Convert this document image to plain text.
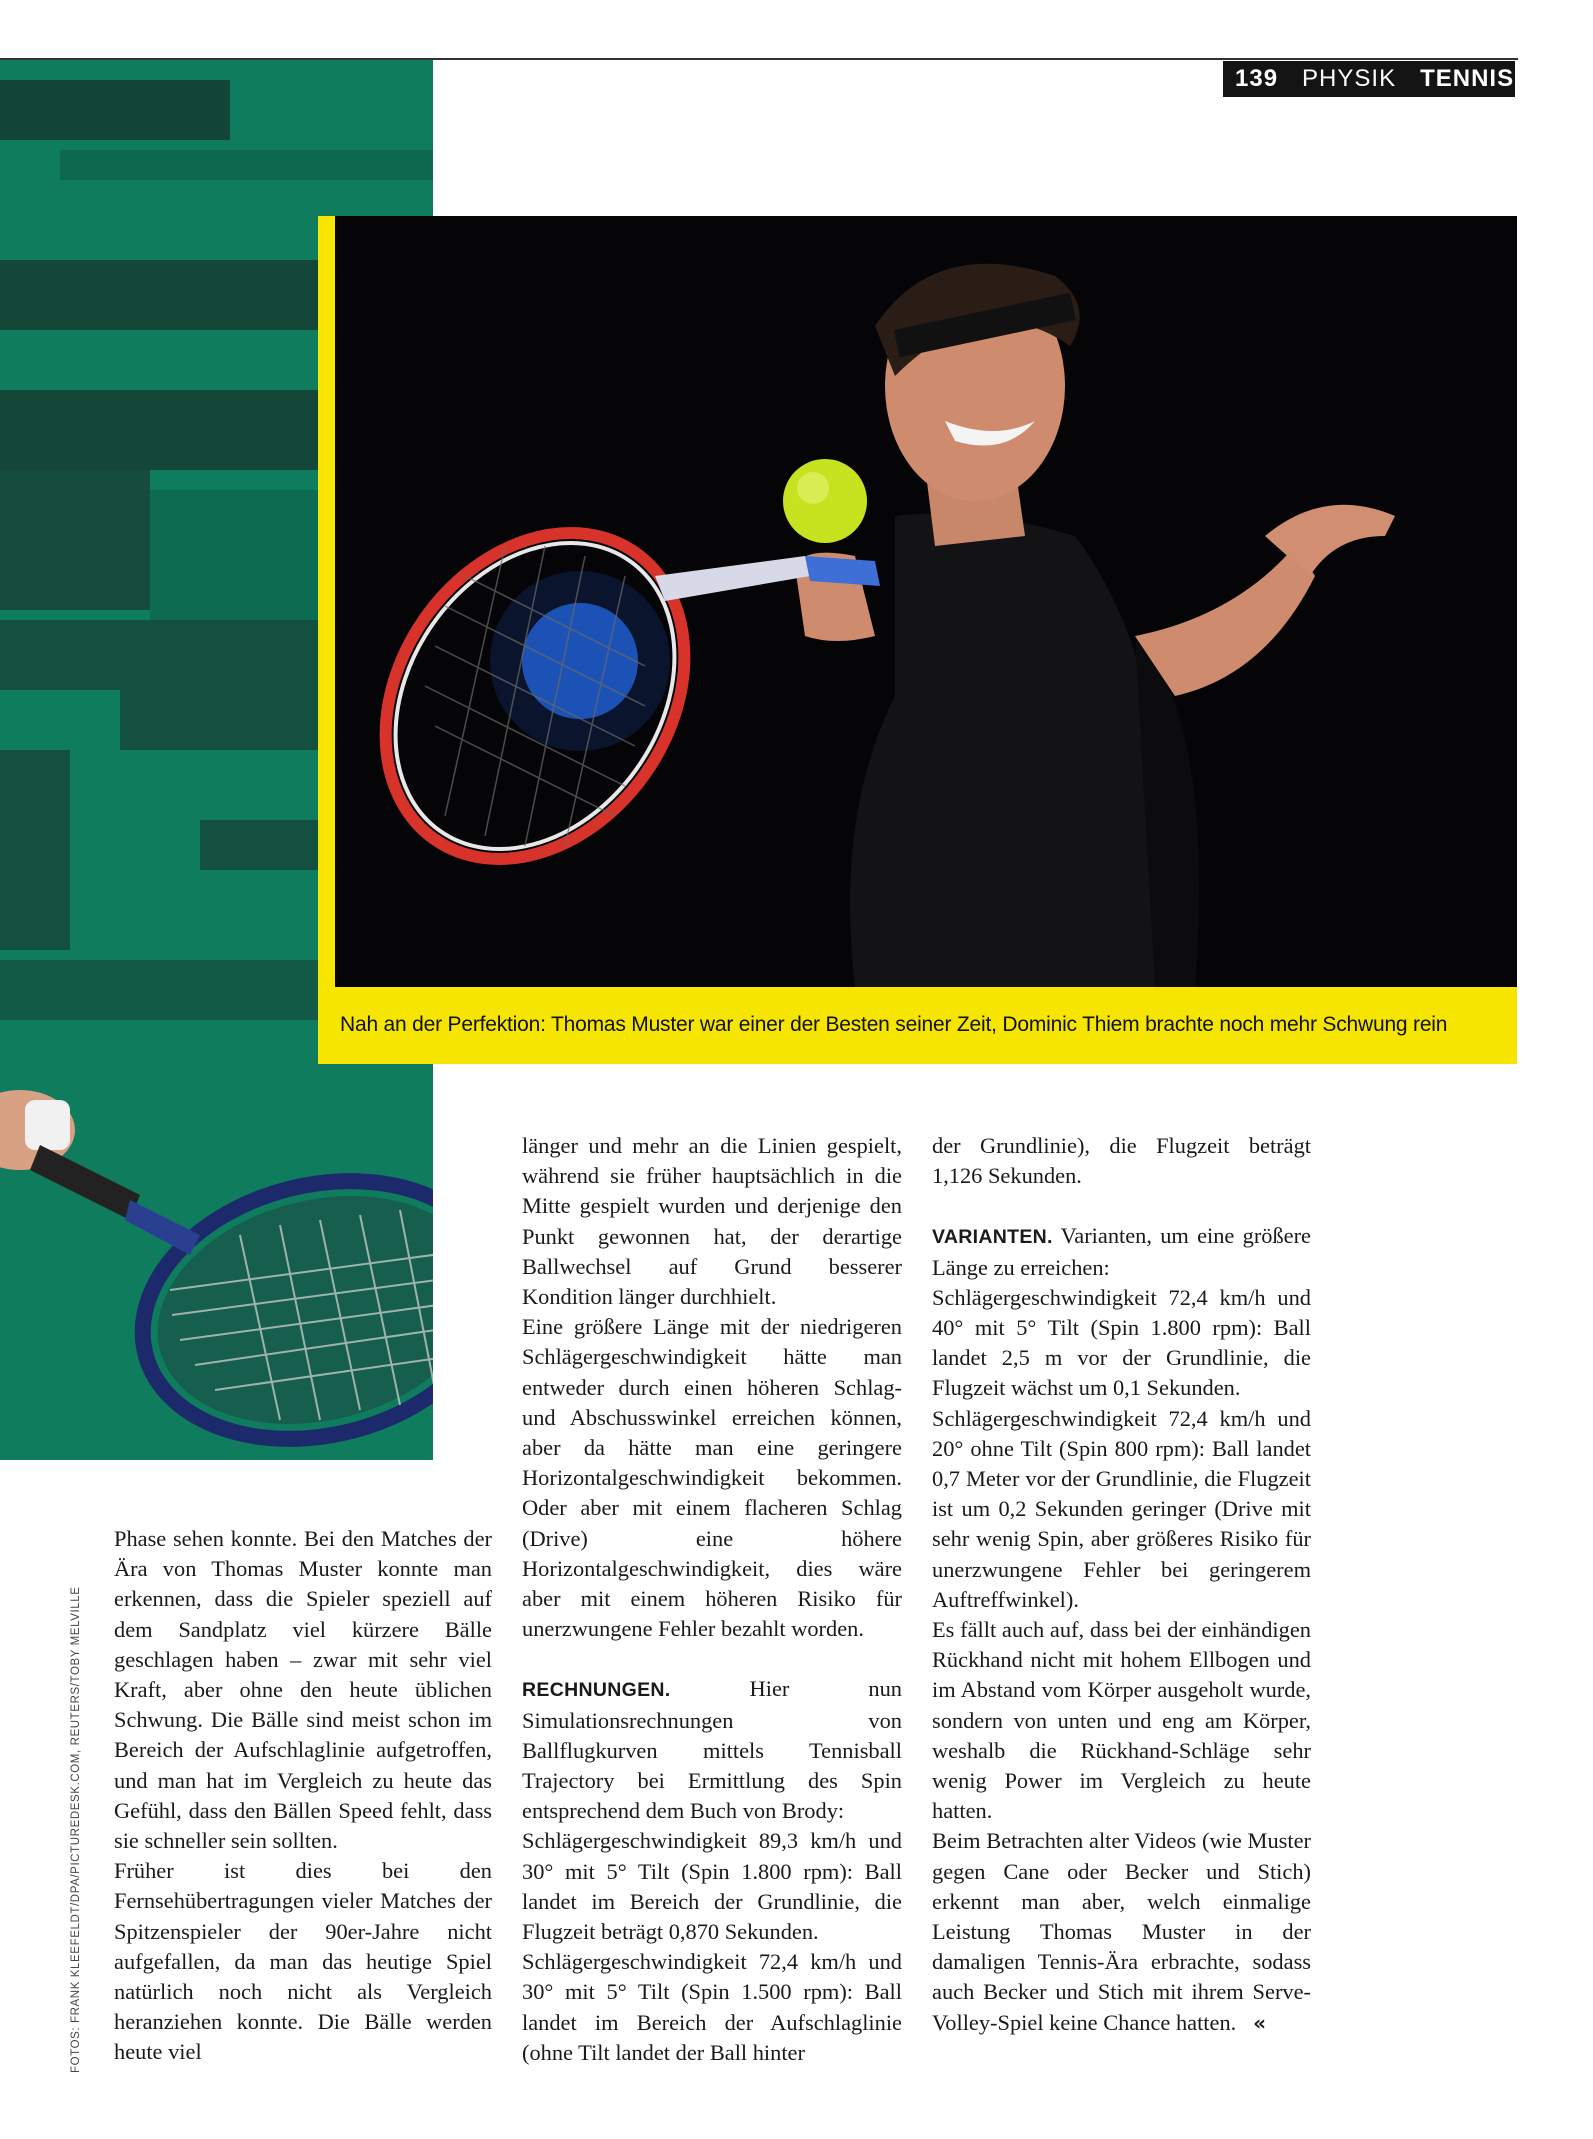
139 PHYSIK TENNIS
Nah an der Perfektion: Thomas Muster war einer der Besten seiner Zeit, Dominic Thiem brachte noch mehr Schwung rein

Phase sehen konnte. Bei den Matches der Ära von Thomas Muster konnte man erkennen, dass die Spieler speziell auf dem Sandplatz viel kürzere Bälle geschlagen haben – zwar mit sehr viel Kraft, aber ohne den heute üblichen Schwung. Die Bälle sind meist schon im Bereich der Aufschlaglinie aufgetroffen, und man hat im Vergleich zu heute das Gefühl, dass den Bällen Speed fehlt, dass sie schneller sein sollten.

Früher ist dies bei den Fernsehübertragungen vieler Matches der Spitzenspieler der 90er-Jahre nicht aufgefallen, da man das heutige Spiel natürlich noch nicht als Vergleich heranziehen konnte. Die Bälle werden heute viel

länger und mehr an die Linien gespielt, während sie früher hauptsächlich in die Mitte gespielt wurden und derjenige den Punkt gewonnen hat, der derartige Ballwechsel auf Grund besserer Kondition länger durchhielt.

Eine größere Länge mit der niedrigeren Schlägergeschwindigkeit hätte man entweder durch einen höheren Schlag- und Abschusswinkel erreichen können, aber da hätte man eine geringere Horizontalgeschwindigkeit bekommen. Oder aber mit einem flacheren Schlag (Drive) eine höhere Horizontalgeschwindigkeit, dies wäre aber mit einem höheren Risiko für unerzwungene Fehler bezahlt worden.

RECHNUNGEN. Hier nun Simulationsrechnungen von Ballflugkurven mittels Tennisball Trajectory bei Ermittlung des Spin entsprechend dem Buch von Brody:

Schlägergeschwindigkeit 89,3 km/h und 30° mit 5° Tilt (Spin 1.800 rpm): Ball landet im Bereich der Grundlinie, die Flugzeit beträgt 0,870 Sekunden.

Schlägergeschwindigkeit 72,4 km/h und 30° mit 5° Tilt (Spin 1.500 rpm): Ball landet im Bereich der Aufschlaglinie (ohne Tilt landet der Ball hinter

der Grundlinie), die Flugzeit beträgt 1,126 Sekunden.

VARIANTEN. Varianten, um eine größere Länge zu erreichen:

Schlägergeschwindigkeit 72,4 km/h und 40° mit 5° Tilt (Spin 1.800 rpm): Ball landet 2,5 m vor der Grundlinie, die Flugzeit wächst um 0,1 Sekunden.

Schlägergeschwindigkeit 72,4 km/h und 20° ohne Tilt (Spin 800 rpm): Ball landet 0,7 Meter vor der Grundlinie, die Flugzeit ist um 0,2 Sekunden geringer (Drive mit sehr wenig Spin, aber größeres Risiko für unerzwungene Fehler bei geringerem Auftreffwinkel).

Es fällt auch auf, dass bei der einhändigen Rückhand nicht mit hohem Ellbogen und im Abstand vom Körper ausgeholt wurde, sondern von unten und eng am Körper, weshalb die Rückhand-Schläge sehr wenig Power im Vergleich zu heute hatten.

Beim Betrachten alter Videos (wie Muster gegen Cane oder Becker und Stich) erkennt man aber, welch einmalige Leistung Thomas Muster in der damaligen Tennis-Ära erbrachte, sodass auch Becker und Stich mit ihrem Serve-Volley-Spiel keine Chance hatten. «

FOTOS: FRANK KLEEFELDT/DPA/PICTUREDESK.COM, REUTERS/TOBY MELVILLE
